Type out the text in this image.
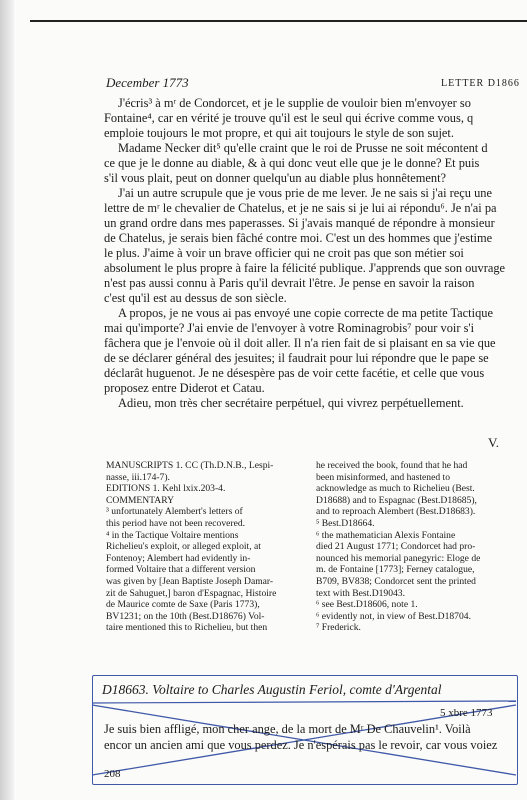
December 1773	LETTER D1866
J'écris³ à mʳ de Condorcet, et je le supplie de vouloir bien m'envoyer so
Fontaine⁴, car en vérité je trouve qu'il est le seul qui écrive comme vous, q
emploie toujours le mot propre, et qui ait toujours le style de son sujet.
Madame Necker dit⁵ qu'elle craint que le roi de Prusse ne soit mécontent d
ce que je le donne au diable, & à qui donc veut elle que je le donne? Et puis
s'il vous plait, peut on donner quelqu'un au diable plus honnêtement?
J'ai un autre scrupule que je vous prie de me lever. Je ne sais si j'ai reçu une
lettre de mʳ le chevalier de Chatelus, et je ne sais si je lui ai répondu⁶. Je n'ai pa
un grand ordre dans mes paperasses. Si j'avais manqué de répondre à monsieur
de Chatelus, je serais bien fâché contre moi. C'est un des hommes que j'estime
le plus. J'aime à voir un brave officier qui ne croit pas que son métier soi
absolument le plus propre à faire la félicité publique. J'apprends que son ouvrage
n'est pas aussi connu à Paris qu'il devrait l'être. Je pense en savoir la raison
c'est qu'il est au dessus de son siècle.
A propos, je ne vous ai pas envoyé une copie correcte de ma petite Tactique
mai qu'importe? J'ai envie de l'envoyer à votre Rominagrobis⁷ pour voir s'i
fâchera que je l'envoie où il doit aller. Il n'a rien fait de si plaisant en sa vie que
de se déclarer général des jesuites; il faudrait pour lui répondre que le pape se
déclarât huguenot. Je ne désespère pas de voir cette facétie, et celle que vous
proposez entre Diderot et Catau.
Adieu, mon très cher secrétaire perpétuel, qui vivrez perpétuellement.
V.
MANUSCRIPTS 1. CC (Th.D.N.B., Lespi-
nasse, iii.174-7).
EDITIONS 1. Kehl lxix.203-4.
COMMENTARY
³ unfortunately Alembert's letters of
this period have not been recovered.
⁴ in the Tactique Voltaire mentions
Richelieu's exploit, or alleged exploit, at
Fontenoy; Alembert had evidently in-
formed Voltaire that a different version
was given by [Jean Baptiste Joseph Damar-
zit de Sahuguet,] baron d'Espagnac, Histoire
de Maurice comte de Saxe (Paris 1773),
BV1231; on the 10th (Best.D18676) Vol-
taire mentioned this to Richelieu, but then
he received the book, found that he had
been misinformed, and hastened to
acknowledge as much to Richelieu (Best.
D18688) and to Espagnac (Best.D18685),
and to reproach Alembert (Best.D18683).
⁵ Best.D18664.
⁶ the mathematician Alexis Fontaine
died 21 August 1771; Condorcet had pro-
nounced his memorial panegyric: Eloge de
m. de Fontaine [1773]; Ferney catalogue,
B709, BV838; Condorcet sent the printed
text with Best.D19043.
⁶ see Best.D18606, note 1.
⁶ evidently not, in view of Best.D18704.
⁷ Frederick.
D18663. Voltaire to Charles Augustin Feriol, comte d'Argental
5 xbre 1773
Je suis bien affligé, mon cher ange, de la mort de Mʳ De Chauvelin¹. Voilà
encor un ancien ami que vous perdez. Je n'espérais pas le revoir, car vous voiez
208
